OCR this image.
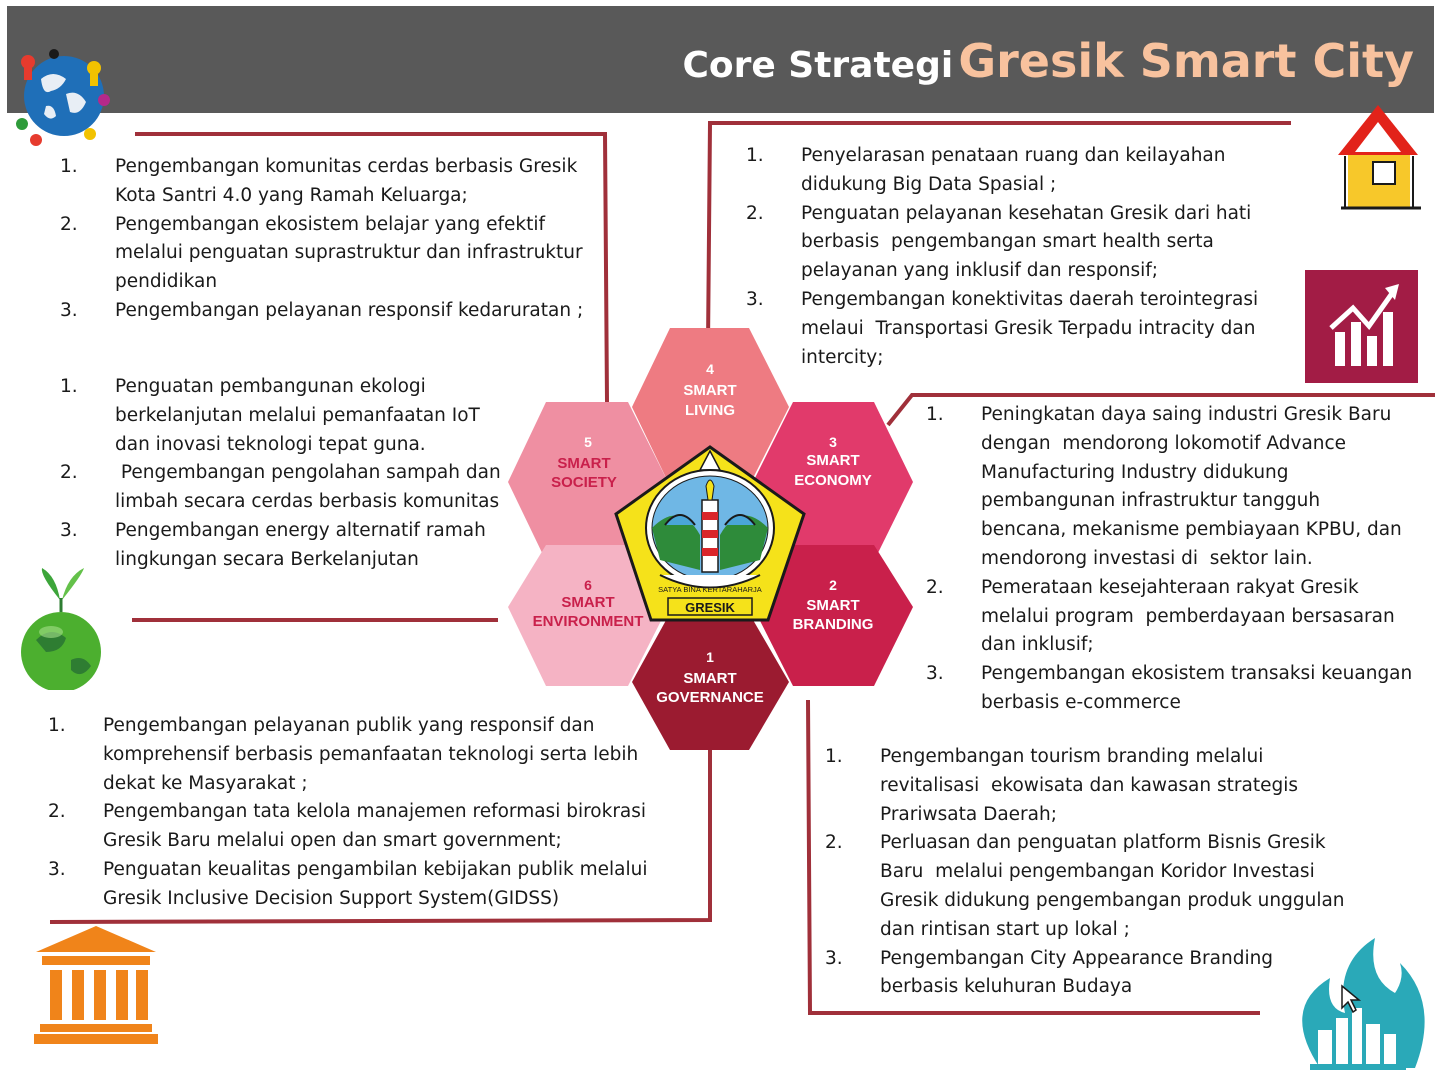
Core Strategi Gresik Smart City
4
SMART
LIVING
5
SMART
SOCIETY
3
SMART
ECONOMY
6
SMART
ENVIRONMENT
2
SMART
BRANDING
1
SMART
GOVERNANCE
SATYA BINA KERTARAHARJA
GRESIK
1. Pengembangan komunitas cerdas berbasis Gresik
Kota Santri 4.0 yang Ramah Keluarga;
2. Pengembangan ekosistem belajar yang efektif
melalui penguatan suprastruktur dan infrastruktur
pendidikan
3. Pengembangan pelayanan responsif kedaruratan ;
1. Penguatan pembangunan ekologi
berkelanjutan melalui pemanfaatan IoT
dan inovasi teknologi tepat guna.
2. Pengembangan pengolahan sampah dan
limbah secara cerdas berbasis komunitas
3. Pengembangan energy alternatif ramah
lingkungan secara Berkelanjutan
1. Penyelarasan penataan ruang dan keilayahan
didukung Big Data Spasial ;
2. Penguatan pelayanan kesehatan Gresik dari hati
berbasis  pengembangan smart health serta
pelayanan yang inklusif dan responsif;
3. Pengembangan konektivitas daerah terointegrasi
melaui  Transportasi Gresik Terpadu intracity dan
intercity;
1. Peningkatan daya saing industri Gresik Baru
dengan  mendorong lokomotif Advance
Manufacturing Industry didukung
pembangunan infrastruktur tangguh
bencana, mekanisme pembiayaan KPBU, dan
mendorong investasi di  sektor lain.
2. Pemerataan kesejahteraan rakyat Gresik
melalui program  pemberdayaan bersasaran
dan inklusif;
3. Pengembangan ekosistem transaksi keuangan
berbasis e-commerce
1. Pengembangan pelayanan publik yang responsif dan
komprehensif berbasis pemanfaatan teknologi serta lebih
dekat ke Masyarakat ;
2. Pengembangan tata kelola manajemen reformasi birokrasi
Gresik Baru melalui open dan smart government;
3. Penguatan keualitas pengambilan kebijakan publik melalui
Gresik Inclusive Decision Support System(GIDSS)
1. Pengembangan tourism branding melalui
revitalisasi  ekowisata dan kawasan strategis
Prariwsata Daerah;
2. Perluasan dan penguatan platform Bisnis Gresik
Baru  melalui pengembangan Koridor Investasi
Gresik didukung pengembangan produk unggulan
dan rintisan start up lokal ;
3. Pengembangan City Appearance Branding
berbasis keluhuran Budaya
